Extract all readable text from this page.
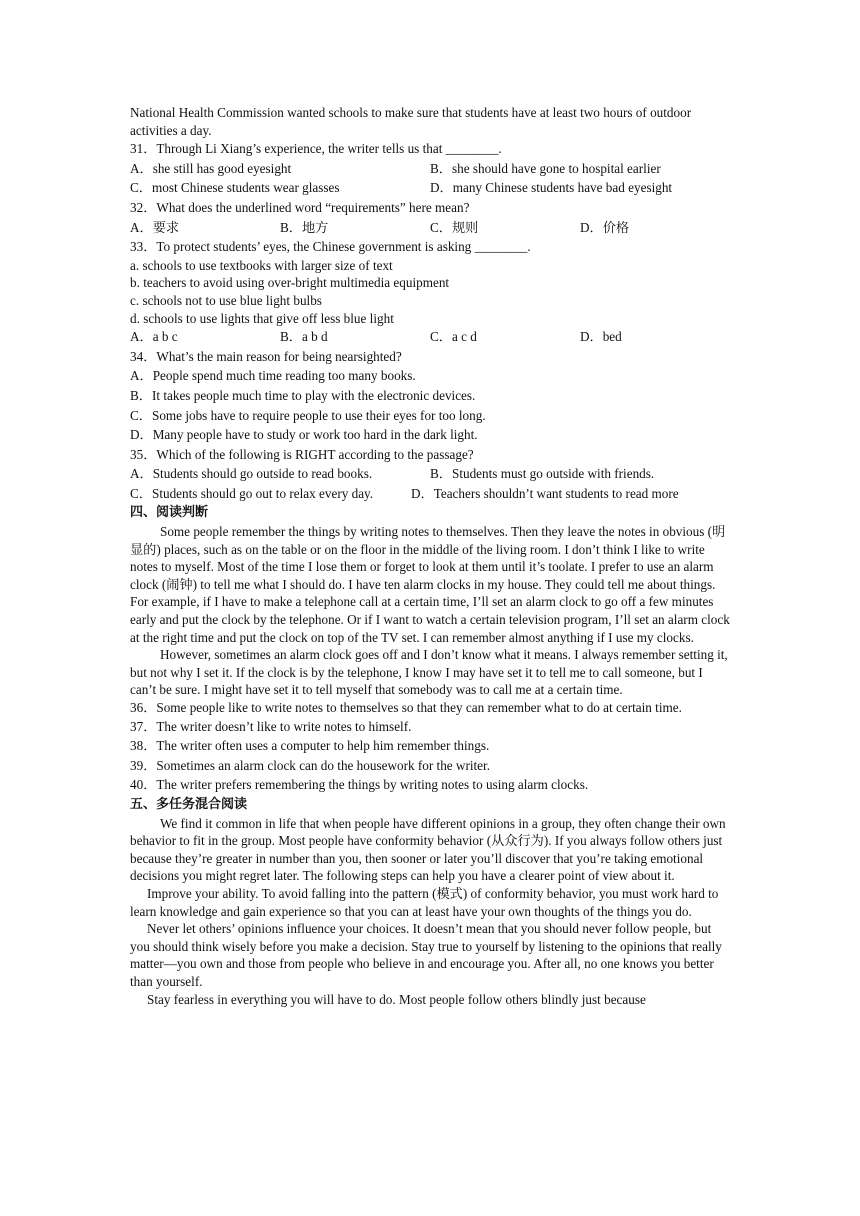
National Health Commission wanted schools to make sure that students have at least two hours of outdoor activities a day.

31．Through Li Xiang’s experience, the writer tells us that ________.

A．she still has good eyesight	B．she should have gone to hospital earlier
C．most Chinese students wear glasses	D．many Chinese students have bad eyesight

32．What does the underlined word “requirements” here mean?

A．要求	B．地方	C．规则	D．价格

33．To protect students’ eyes, the Chinese government is asking ________.

a. schools to use textbooks with larger size of text

b. teachers to avoid using over-bright multimedia equipment

c. schools not to use blue light bulbs

d. schools to use lights that give off less blue light

A．a b c	B．a b d	C．a c d	D．bed

34．What’s the main reason for being nearsighted?

A．People spend much time reading too many books.

B．It takes people much time to play with the electronic devices.

C．Some jobs have to require people to use their eyes for too long.

D．Many people have to study or work too hard in the dark light.

35．Which of the following is RIGHT according to the passage?

A．Students should go outside to read books.	B．Students must go outside with friends.
C．Students should go out to relax every day.	D．Teachers shouldn’t want students to read more

四、阅读判断

Some people remember the things by writing notes to themselves. Then they leave the notes in obvious (明显的) places, such as on the table or on the floor in the middle of the living room. I don’t think I like to write notes to myself. Most of the time I lose them or forget to look at them until it’s toolate. I prefer to use an alarm clock (闹钟) to tell me what I should do. I have ten alarm clocks in my house. They could tell me about things. For example, if I have to make a telephone call at a certain time, I’ll set an alarm clock to go off a few minutes early and put the clock by the telephone. Or if I want to watch a certain television program, I’ll set an alarm clock at the right time and put the clock on top of the TV set. I can remember almost anything if I use my clocks.

However, sometimes an alarm clock goes off and I don’t know what it means. I always remember setting it, but not why I set it. If the clock is by the telephone, I know I may have set it to tell me to call someone, but I can’t be sure. I might have set it to tell myself that somebody was to call me at a certain time.

36．Some people like to write notes to themselves so that they can remember what to do at certain time.

37．The writer doesn’t like to write notes to himself.

38．The writer often uses a computer to help him remember things.

39．Sometimes an alarm clock can do the housework for the writer.

40．The writer prefers remembering the things by writing notes to using alarm clocks.

五、多任务混合阅读

We find it common in life that when people have different opinions in a group, they often change their own behavior to fit in the group. Most people have conformity behavior (从众行为). If you always follow others just because they’re greater in number than you, then sooner or later you’ll discover that you’re taking emotional decisions you might regret later. The following steps can help you have a clearer point of view about it.

Improve your ability. To avoid falling into the pattern (模式) of conformity behavior, you must work hard to learn knowledge and gain experience so that you can at least have your own thoughts of the things you do.

Never let others’ opinions influence your choices. It doesn’t mean that you should never follow people, but you should think wisely before you make a decision. Stay true to yourself by listening to the opinions that really matter—you own and those from people who believe in and encourage you. After all, no one knows you better than yourself.

Stay fearless in everything you will have to do. Most people follow others blindly just because
